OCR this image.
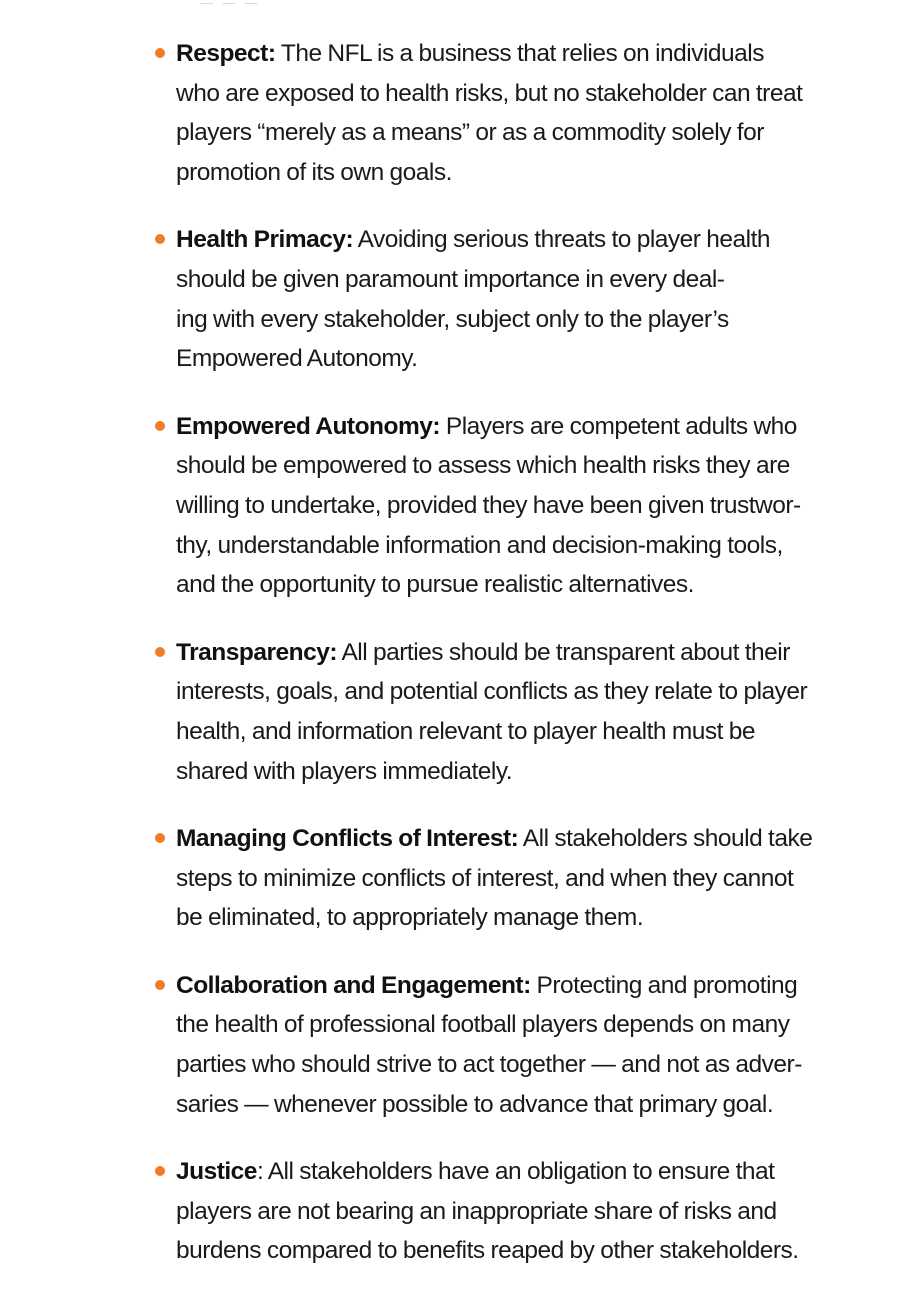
Respect: The NFL is a business that relies on individuals
who are exposed to health risks, but no stakeholder can treat
players “merely as a means” or as a commodity solely for
promotion of its own goals.
Health Primacy: Avoiding serious threats to player health
should be given paramount importance in every deal-
ing with every stakeholder, subject only to the player’s
Empowered Autonomy.
Empowered Autonomy: Players are competent adults who
should be empowered to assess which health risks they are
willing to undertake, provided they have been given trustwor-
thy, understandable information and decision-making tools,
and the opportunity to pursue realistic alternatives.
Transparency: All parties should be transparent about their
interests, goals, and potential conflicts as they relate to player
health, and information relevant to player health must be
shared with players immediately.
Managing Conflicts of Interest: All stakeholders should take
steps to minimize conflicts of interest, and when they cannot
be eliminated, to appropriately manage them.
Collaboration and Engagement: Protecting and promoting
the health of professional football players depends on many
parties who should strive to act together — and not as adver-
saries — whenever possible to advance that primary goal.
Justice: All stakeholders have an obligation to ensure that
players are not bearing an inappropriate share of risks and
burdens compared to benefits reaped by other stakeholders.
